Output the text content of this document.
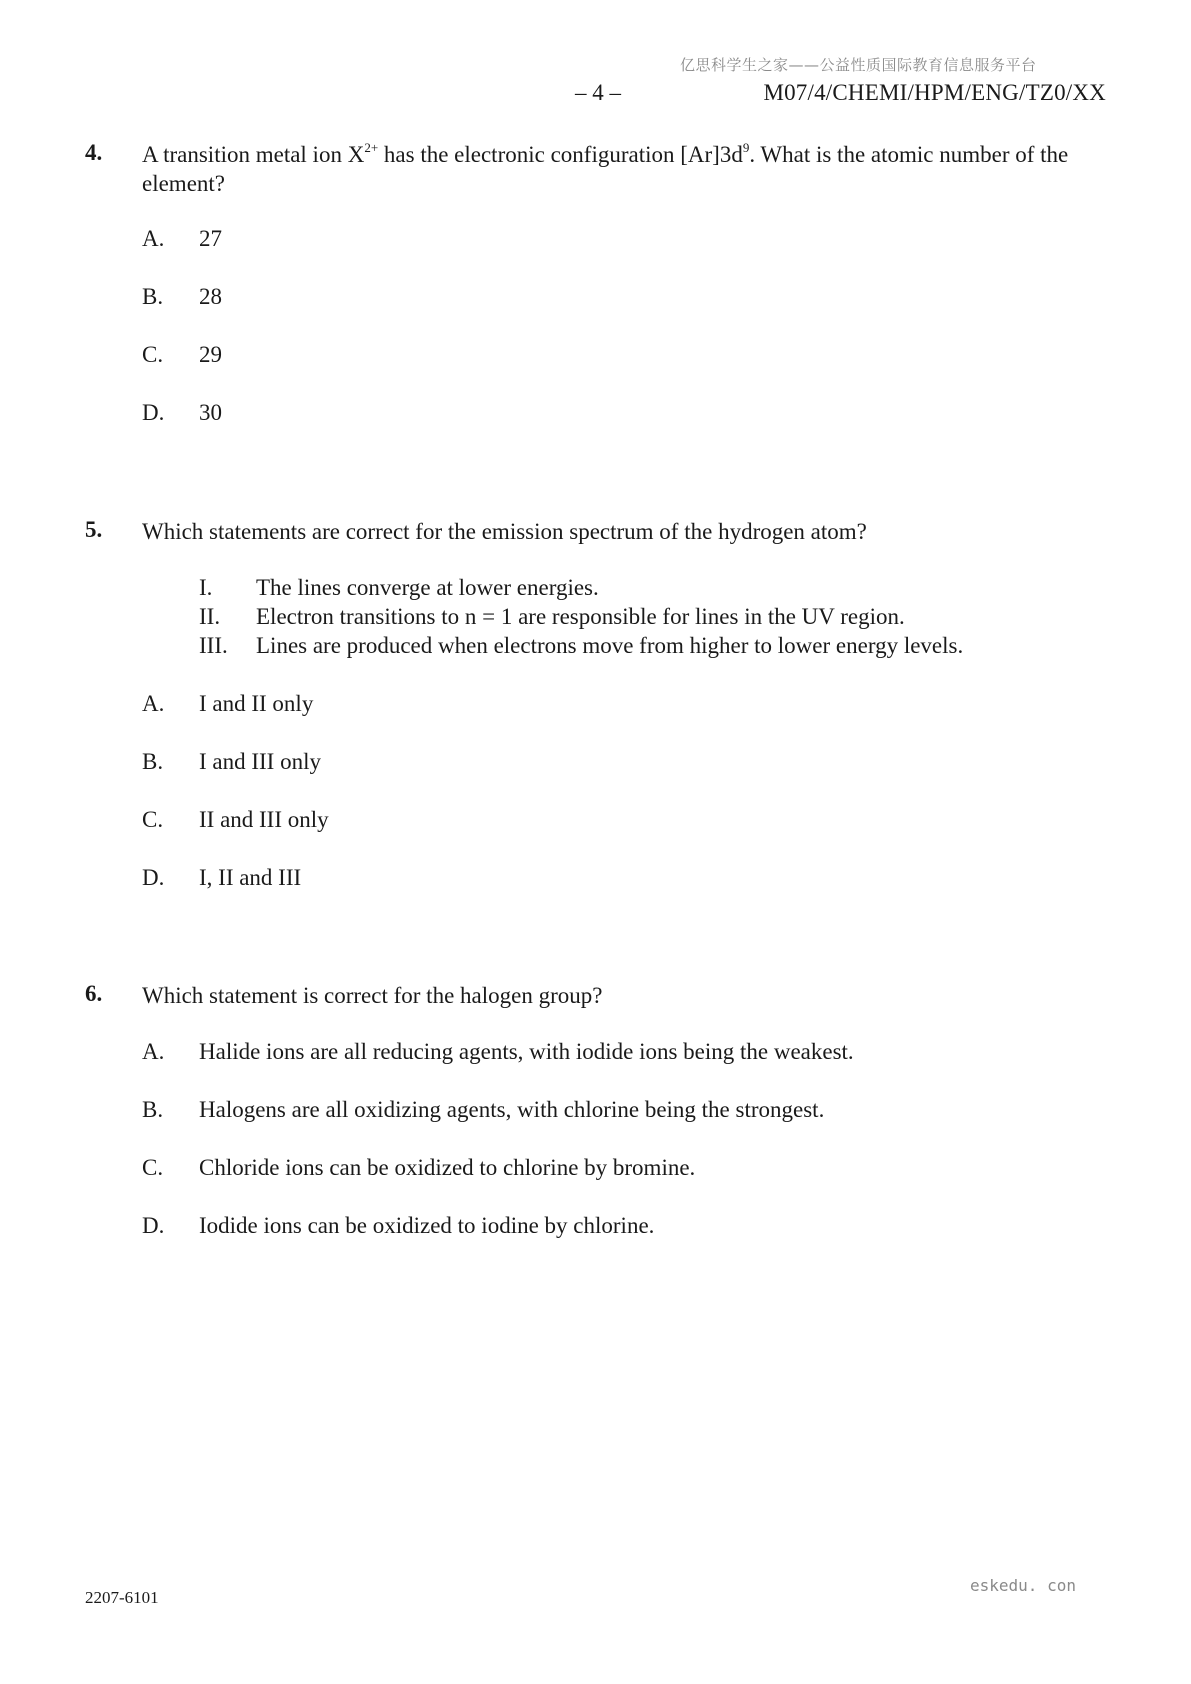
亿思科学生之家——公益性质国际教育信息服务平台
– 4 –	M07/4/CHEMI/HPM/ENG/TZ0/XX
4. A transition metal ion $X^{2+}$ has the electronic configuration $[Ar]3d^9$. What is the atomic number of the element?
A. 27
B. 28
C. 29
D. 30
5. Which statements are correct for the emission spectrum of the hydrogen atom?
I. The lines converge at lower energies.
II. Electron transitions to n = 1 are responsible for lines in the UV region.
III. Lines are produced when electrons move from higher to lower energy levels.
A. I and II only
B. I and III only
C. II and III only
D. I, II and III
6. Which statement is correct for the halogen group?
A. Halide ions are all reducing agents, with iodide ions being the weakest.
B. Halogens are all oxidizing agents, with chlorine being the strongest.
C. Chloride ions can be oxidized to chlorine by bromine.
D. Iodide ions can be oxidized to iodine by chlorine.
2207-6101
eskedu. con
